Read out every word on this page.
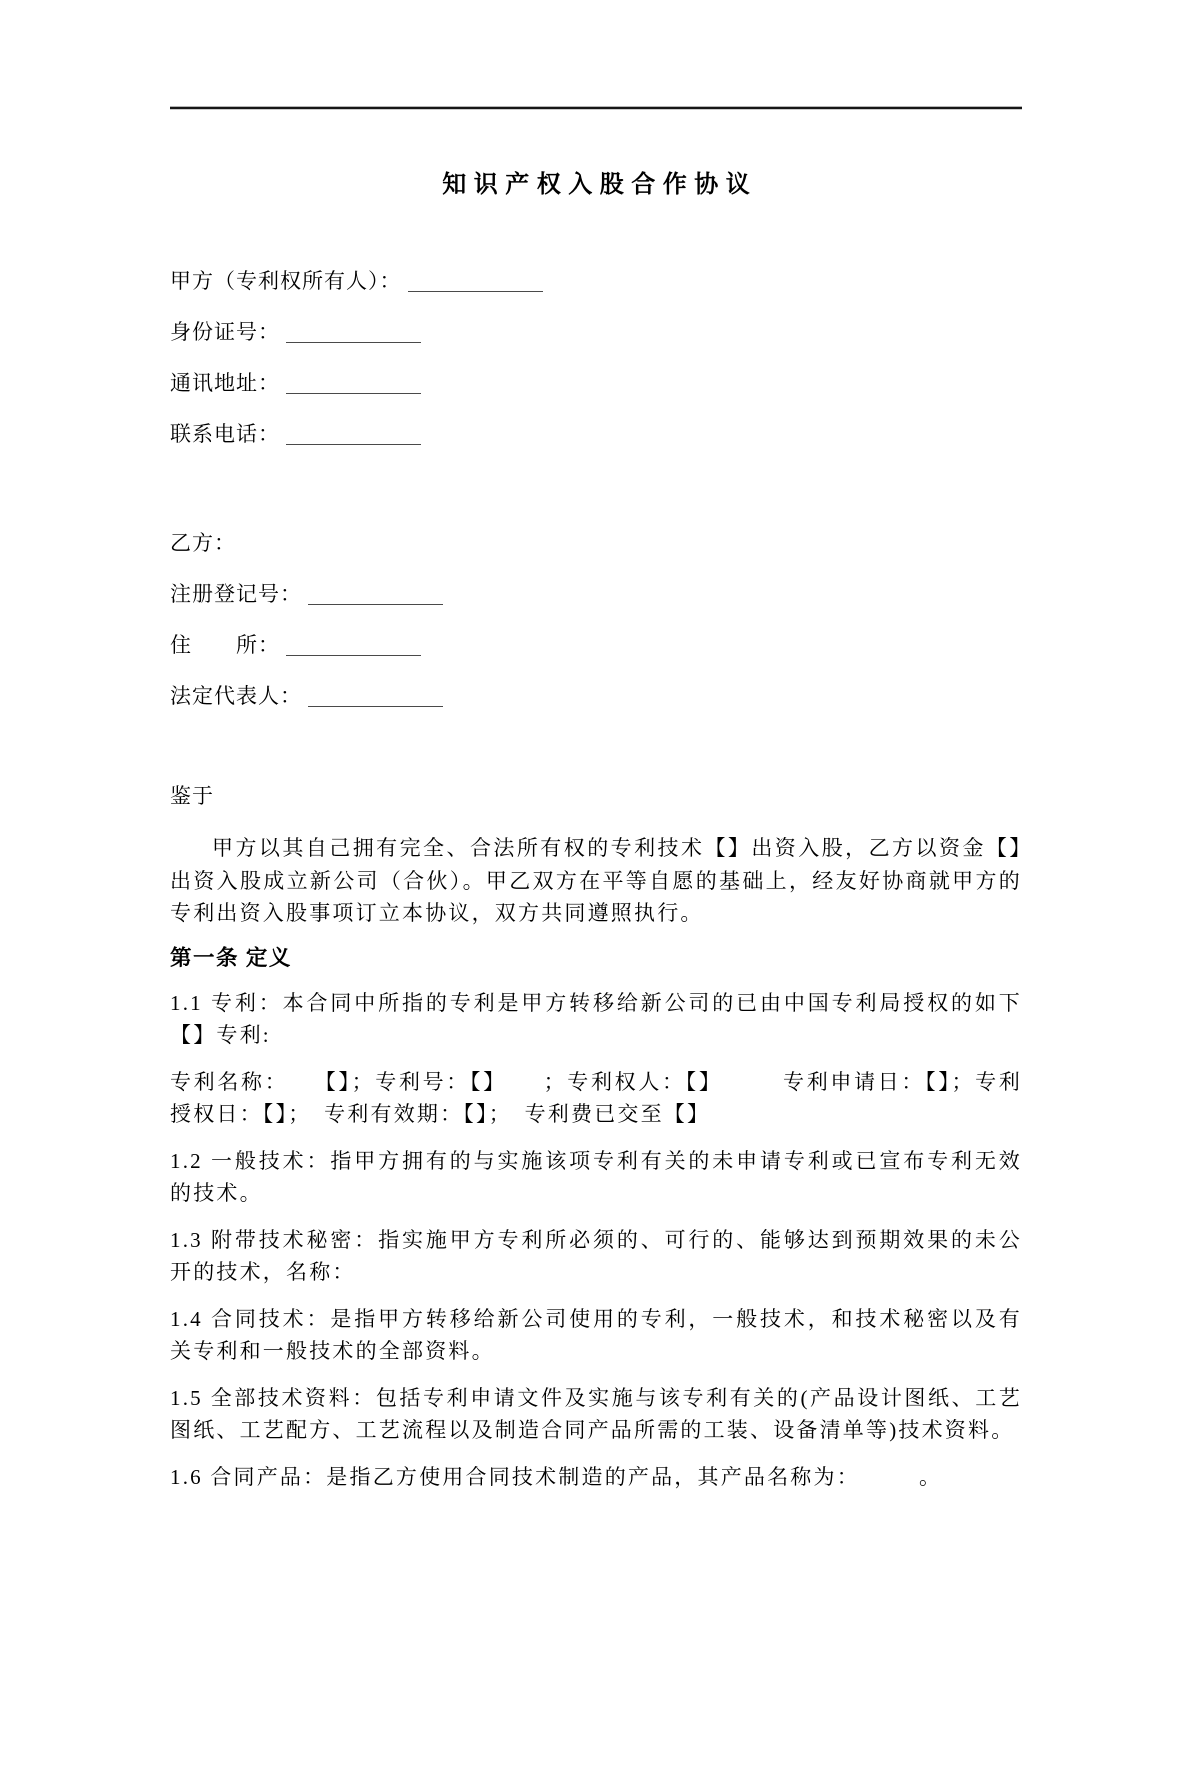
知识产权入股合作协议
甲方（专利权所有人）：
身份证号：
通讯地址：
联系电话：
乙方：
注册登记号：
住　　所：
法定代表人：
鉴于

甲方以其自己拥有完全、合法所有权的专利技术【】出资入股，乙方以资金【】出资入股成立新公司（合伙）。甲乙双方在平等自愿的基础上，经友好协商就甲方的专利出资入股事项订立本协议，双方共同遵照执行。

第一条 定义

1.1 专利：本合同中所指的专利是甲方转移给新公司的已由中国专利局授权的如下【】专利:

专利名称：　　【】；专利号：【】　　；专利权人：【】　　　专利申请日：【】；专利授权日：【】；　专利有效期：【】；　专利费已交至【】

1.2 一般技术：指甲方拥有的与实施该项专利有关的未申请专利或已宣布专利无效的技术。

1.3 附带技术秘密：指实施甲方专利所必须的、可行的、能够达到预期效果的未公开的技术，名称：

1.4 合同技术：是指甲方转移给新公司使用的专利，一般技术，和技术秘密以及有关专利和一般技术的全部资料。

1.5 全部技术资料：包括专利申请文件及实施与该专利有关的(产品设计图纸、工艺图纸、工艺配方、工艺流程以及制造合同产品所需的工装、设备清单等)技术资料。

1.6 合同产品：是指乙方使用合同技术制造的产品，其产品名称为：　　　。
